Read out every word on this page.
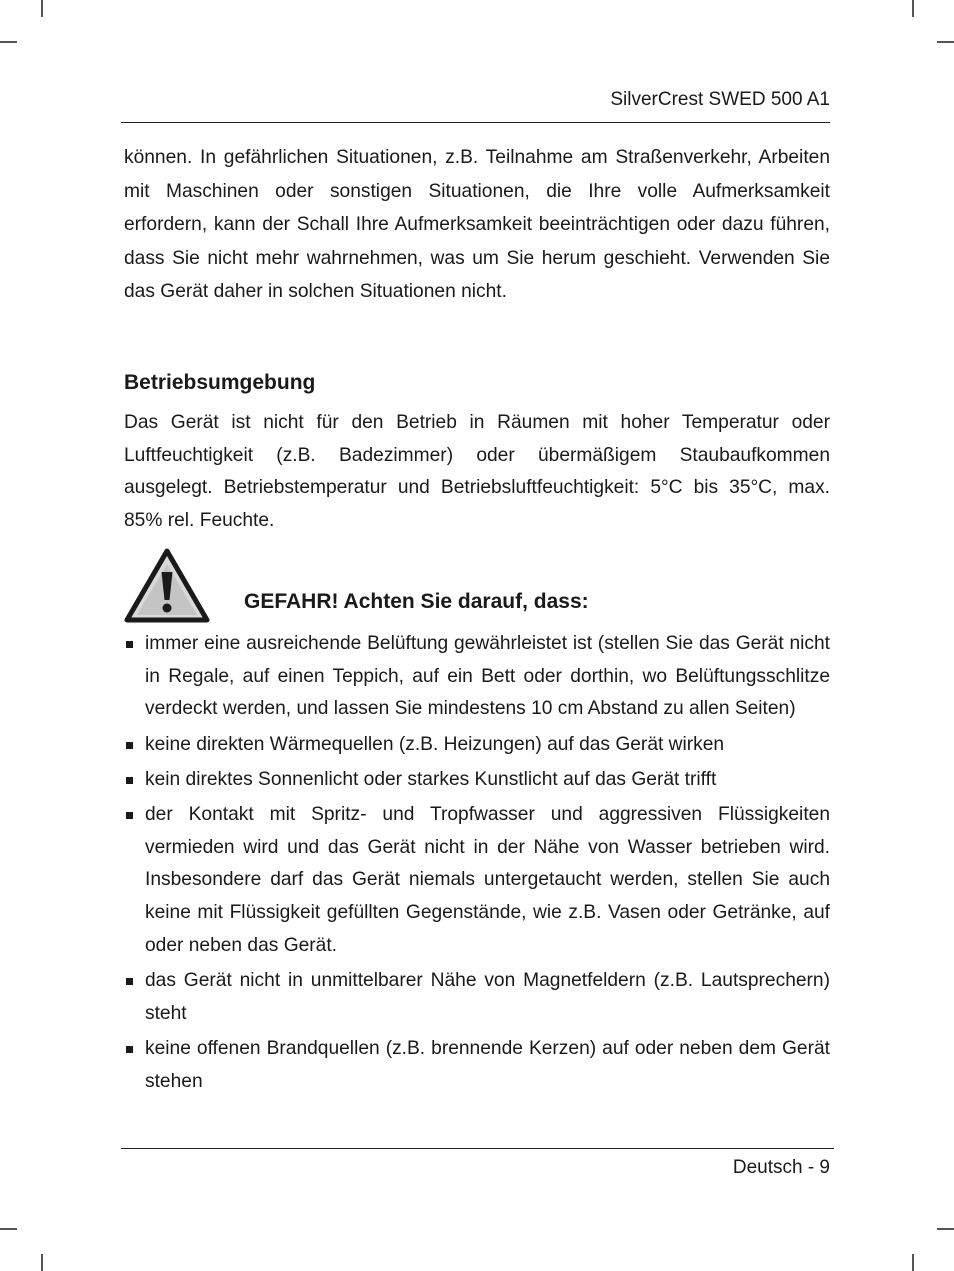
SilverCrest SWED 500 A1
können. In gefährlichen Situationen, z.B. Teilnahme am Straßenverkehr, Arbeiten mit Maschinen oder sonstigen Situationen, die Ihre volle Aufmerksamkeit erfordern, kann der Schall Ihre Aufmerksamkeit beeinträchtigen oder dazu führen, dass Sie nicht mehr wahrnehmen, was um Sie herum geschieht. Verwenden Sie das Gerät daher in solchen Situationen nicht.
Betriebsumgebung
Das Gerät ist nicht für den Betrieb in Räumen mit hoher Temperatur oder Luftfeuchtigkeit (z.B. Badezimmer) oder übermäßigem Staubaufkommen ausgelegt. Betriebstemperatur und Betriebsluftfeuchtigkeit: 5°C bis 35°C, max. 85% rel. Feuchte.
GEFAHR! Achten Sie darauf, dass:
immer eine ausreichende Belüftung gewährleistet ist (stellen Sie das Gerät nicht in Regale, auf einen Teppich, auf ein Bett oder dorthin, wo Belüftungsschlitze verdeckt werden, und lassen Sie mindestens 10 cm Abstand zu allen Seiten)
keine direkten Wärmequellen (z.B. Heizungen) auf das Gerät wirken
kein direktes Sonnenlicht oder starkes Kunstlicht auf das Gerät trifft
der Kontakt mit Spritz- und Tropfwasser und aggressiven Flüssigkeiten vermieden wird und das Gerät nicht in der Nähe von Wasser betrieben wird. Insbesondere darf das Gerät niemals untergetaucht werden, stellen Sie auch keine mit Flüssigkeit gefüllten Gegenstände, wie z.B. Vasen oder Getränke, auf oder neben das Gerät.
das Gerät nicht in unmittelbarer Nähe von Magnetfeldern (z.B. Lautsprechern) steht
keine offenen Brandquellen (z.B. brennende Kerzen) auf oder neben dem Gerät stehen
Deutsch - 9
